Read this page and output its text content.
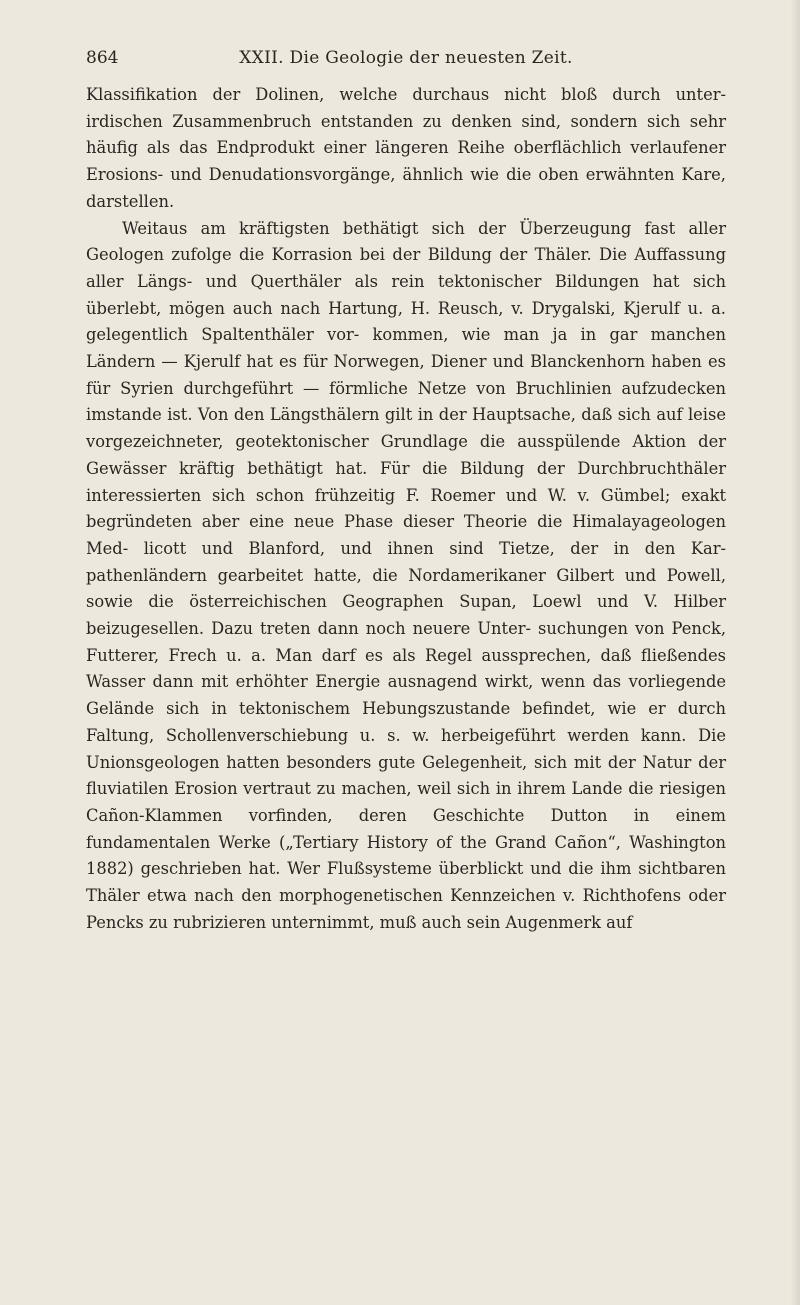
864	XXII. Die Geologie der neuesten Zeit.

Klassifikation der Dolinen, welche durchaus nicht bloß durch unter- irdischen Zusammenbruch entstanden zu denken sind, sondern sich sehr häufig als das Endprodukt einer längeren Reihe oberflächlich verlaufener Erosions- und Denudationsvorgänge, ähnlich wie die oben erwähnten Kare, darstellen.

Weitaus am kräftigsten bethätigt sich der Überzeugung fast aller Geologen zufolge die Korrasion bei der Bildung der Thäler. Die Auffassung aller Längs- und Querthäler als rein tektonischer Bildungen hat sich überlebt, mögen auch nach Hartung, H. Reusch, v. Drygalski, Kjerulf u. a. gelegentlich Spaltenthäler vor- kommen, wie man ja in gar manchen Ländern — Kjerulf hat es für Norwegen, Diener und Blanckenhorn haben es für Syrien durchgeführt — förmliche Netze von Bruchlinien aufzudecken imstande ist. Von den Längsthälern gilt in der Hauptsache, daß sich auf leise vorgezeichneter, geotektonischer Grundlage die ausspülende Aktion der Gewässer kräftig bethätigt hat. Für die Bildung der Durchbruchthäler interessierten sich schon frühzeitig F. Roemer und W. v. Gümbel; exakt begründeten aber eine neue Phase dieser Theorie die Himalayageologen Med- licott und Blanford, und ihnen sind Tietze, der in den Kar- pathenländern gearbeitet hatte, die Nordamerikaner Gilbert und Powell, sowie die österreichischen Geographen Supan, Loewl und V. Hilber beizugesellen. Dazu treten dann noch neuere Unter- suchungen von Penck, Futterer, Frech u. a. Man darf es als Regel aussprechen, daß fließendes Wasser dann mit erhöhter Energie ausnagend wirkt, wenn das vorliegende Gelände sich in tektonischem Hebungszustande befindet, wie er durch Faltung, Schollenverschiebung u. s. w. herbeigeführt werden kann. Die Unionsgeologen hatten besonders gute Gelegenheit, sich mit der Natur der fluviatilen Erosion vertraut zu machen, weil sich in ihrem Lande die riesigen Cañon-Klammen vorfinden, deren Geschichte Dutton in einem fundamentalen Werke („Tertiary History of the Grand Cañon“, Washington 1882) geschrieben hat. Wer Flußsysteme überblickt und die ihm sichtbaren Thäler etwa nach den morphogenetischen Kennzeichen v. Richthofens oder Pencks zu rubrizieren unternimmt, muß auch sein Augenmerk auf
